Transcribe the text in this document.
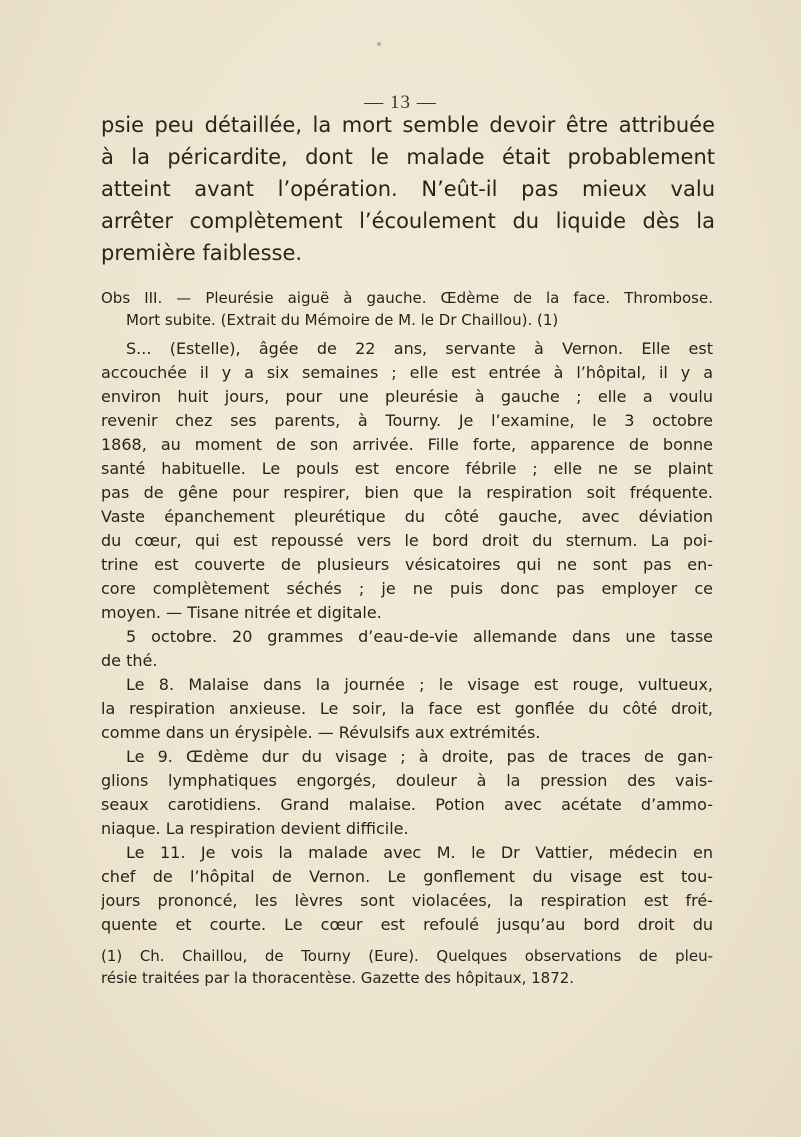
— 13 —
psie peu détaillée, la mort semble devoir être attribuée
à la péricardite, dont le malade était probablement
atteint avant l’opération. N’eût-il pas mieux valu
arrêter complètement l’écoulement du liquide dès la
première faiblesse.
Obs III. — Pleurésie aiguë à gauche. Œdème de la face. Thrombose.
Mort subite. (Extrait du Mémoire de M. le Dr Chaillou). (1)
S... (Estelle), âgée de 22 ans, servante à Vernon. Elle est
accouchée il y a six semaines ; elle est entrée à l’hôpital, il y a
environ huit jours, pour une pleurésie à gauche ; elle a voulu
revenir chez ses parents, à Tourny. Je l’examine, le 3 octobre
1868, au moment de son arrivée. Fille forte, apparence de bonne
santé habituelle. Le pouls est encore fébrile ; elle ne se plaint
pas de gêne pour respirer, bien que la respiration soit fréquente.
Vaste épanchement pleurétique du côté gauche, avec déviation
du cœur, qui est repoussé vers le bord droit du sternum. La poi-
trine est couverte de plusieurs vésicatoires qui ne sont pas en-
core complètement séchés ; je ne puis donc pas employer ce
moyen. — Tisane nitrée et digitale.
5 octobre. 20 grammes d’eau-de-vie allemande dans une tasse
de thé.
Le 8. Malaise dans la journée ; le visage est rouge, vultueux,
la respiration anxieuse. Le soir, la face est gonflée du côté droit,
comme dans un érysipèle. — Révulsifs aux extrémités.
Le 9. Œdème dur du visage ; à droite, pas de traces de gan-
glions lymphatiques engorgés, douleur à la pression des vais-
seaux carotidiens. Grand malaise. Potion avec acétate d’ammo-
niaque. La respiration devient difficile.
Le 11. Je vois la malade avec M. le Dr Vattier, médecin en
chef de l’hôpital de Vernon. Le gonflement du visage est tou-
jours prononcé, les lèvres sont violacées, la respiration est fré-
quente et courte. Le cœur est refoulé jusqu’au bord droit du
(1) Ch. Chaillou, de Tourny (Eure). Quelques observations de pleu-
résie traitées par la thoracentèse. Gazette des hôpitaux, 1872.
